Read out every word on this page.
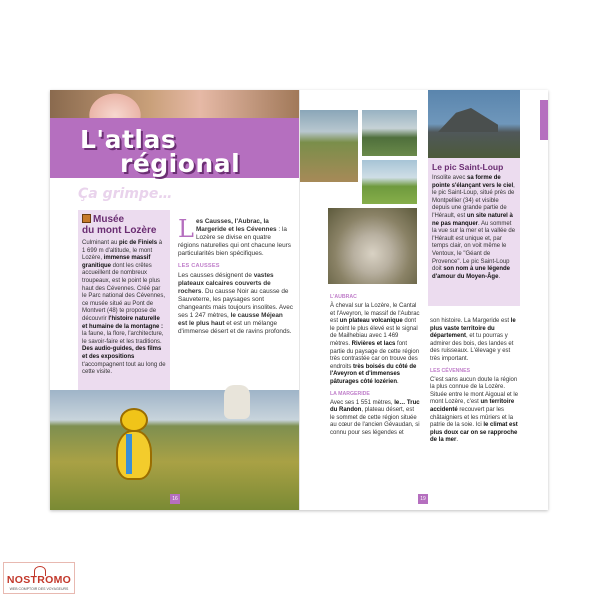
L'atlas
régional
Ça grimpe…
Musée
du mont Lozère
Culminant au pic de Finiels à 1 699 m d'altitude, le mont Lozère, immense massif granitique dont les crêtes accueillent de nombreux troupeaux, est le point le plus haut des Cévennes. Créé par le Parc national des Cévennes, ce musée situé au Pont de Montvert (48) te propose de découvrir l'histoire naturelle et humaine de la montagne : la faune, la flore, l'architecture, le savoir-faire et les traditions. Des audio-guides, des films et des expositions t'accompagnent tout au long de cette visite.
Les Causses, l'Aubrac, la Margeride et les Cévennes : la Lozère se divise en quatre régions naturelles qui ont chacune leurs particularités bien spécifiques.
LES CAUSSES
Les causses désignent de vastes plateaux calcaires couverts de rochers. Du causse Noir au causse de Sauveterre, les paysages sont changeants mais toujours insolites. Avec ses 1 247 mètres, le causse Méjean est le plus haut et est un mélange d'immense désert et de ravins profonds.
16
Le pic Saint-Loup
Insolite avec sa forme de pointe s'élançant vers le ciel, le pic Saint-Loup, situé près de Montpellier (34) et visible depuis une grande partie de l'Hérault, est un site naturel à ne pas manquer. Au sommet la vue sur la mer et la vallée de l'Hérault est unique et, par temps clair, on voit même le Ventoux, le "Géant de Provence". Le pic Saint-Loup doit son nom à une légende d'amour du Moyen-Âge.
L'AUBRAC
À cheval sur la Lozère, le Cantal et l'Aveyron, le massif de l'Aubrac est un plateau volcanique dont le point le plus élevé est le signal de Mailhebiau avec 1 469 mètres. Rivières et lacs font partie du paysage de cette région très contrastée car on trouve des endroits très boisés du côté de l'Aveyron et d'immenses pâturages côté lozérien.
LA MARGERIDE
Avec ses 1 551 mètres, le… Truc du Randon, plateau désert, est le sommet de cette région située au cœur de l'ancien Gévaudan, si connu pour ses légendes et
son histoire. La Margeride est le plus vaste territoire du département, et tu pourras y admirer des bois, des landes et des ruisseaux. L'élevage y est très important.
LES CÉVENNES
C'est sans aucun doute la région la plus connue de la Lozère. Située entre le mont Aigoual et le mont Lozère, c'est un territoire accidenté recouvert par les châtaigniers et les mûriers et la patrie de la soie. Ici le climat est plus doux car on se rapproche de la mer.
19
NOSTROMO
WEB COMPTOIR DES VOYAGEURS
